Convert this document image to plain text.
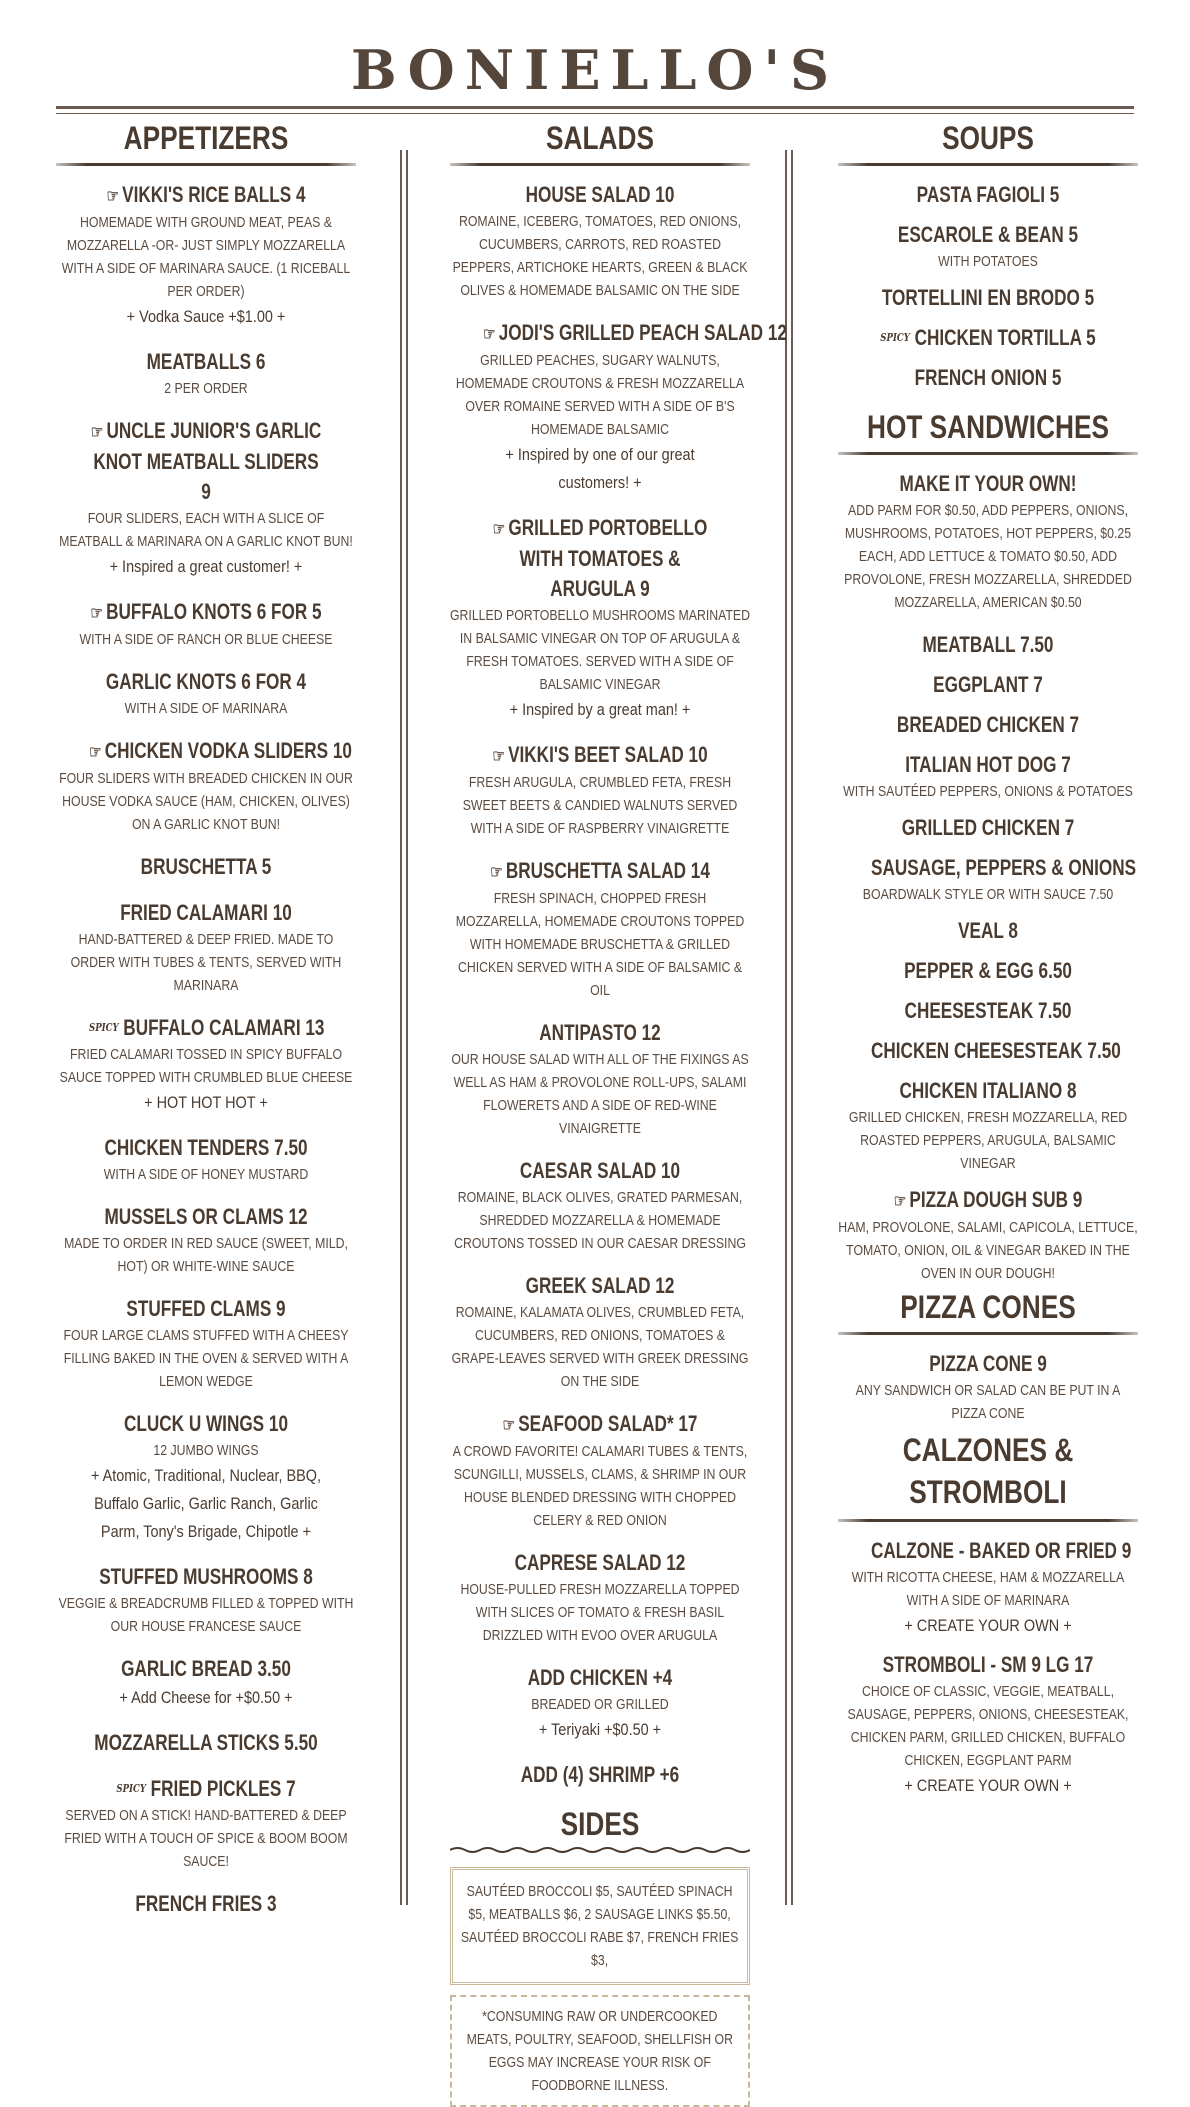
BONIELLO'S
APPETIZERS
☞ VIKKI'S RICE BALLS 4
HOMEMADE WITH GROUND MEAT, PEAS & MOZZARELLA -OR- JUST SIMPLY MOZZARELLA WITH A SIDE OF MARINARA SAUCE. (1 RICEBALL PER ORDER)
+ Vodka Sauce +$1.00 +
MEATBALLS 6
2 PER ORDER
☞ UNCLE JUNIOR'S GARLIC KNOT MEATBALL SLIDERS 9
FOUR SLIDERS, EACH WITH A SLICE OF MEATBALL & MARINARA ON A GARLIC KNOT BUN!
+ Inspired a great customer! +
☞ BUFFALO KNOTS 6 FOR 5
WITH A SIDE OF RANCH OR BLUE CHEESE
GARLIC KNOTS 6 FOR 4
WITH A SIDE OF MARINARA
☞ CHICKEN VODKA SLIDERS 10
FOUR SLIDERS WITH BREADED CHICKEN IN OUR HOUSE VODKA SAUCE (HAM, CHICKEN, OLIVES) ON A GARLIC KNOT BUN!
BRUSCHETTA 5
FRIED CALAMARI 10
HAND-BATTERED & DEEP FRIED. MADE TO ORDER WITH TUBES & TENTS, SERVED WITH MARINARA
SPICY BUFFALO CALAMARI 13
FRIED CALAMARI TOSSED IN SPICY BUFFALO SAUCE TOPPED WITH CRUMBLED BLUE CHEESE
+ HOT HOT HOT +
CHICKEN TENDERS 7.50
WITH A SIDE OF HONEY MUSTARD
MUSSELS OR CLAMS 12
MADE TO ORDER IN RED SAUCE (SWEET, MILD, HOT) OR WHITE-WINE SAUCE
STUFFED CLAMS 9
FOUR LARGE CLAMS STUFFED WITH A CHEESY FILLING BAKED IN THE OVEN & SERVED WITH A LEMON WEDGE
CLUCK U WINGS 10
12 JUMBO WINGS
+ Atomic, Traditional, Nuclear, BBQ, Buffalo Garlic, Garlic Ranch, Garlic Parm, Tony's Brigade, Chipotle +
STUFFED MUSHROOMS 8
VEGGIE & BREADCRUMB FILLED & TOPPED WITH OUR HOUSE FRANCESE SAUCE
GARLIC BREAD 3.50
+ Add Cheese for +$0.50 +
MOZZARELLA STICKS 5.50
SPICY FRIED PICKLES 7
SERVED ON A STICK! HAND-BATTERED & DEEP FRIED WITH A TOUCH OF SPICE & BOOM BOOM SAUCE!
FRENCH FRIES 3
SALADS
HOUSE SALAD 10
ROMAINE, ICEBERG, TOMATOES, RED ONIONS, CUCUMBERS, CARROTS, RED ROASTED PEPPERS, ARTICHOKE HEARTS, GREEN & BLACK OLIVES & HOMEMADE BALSAMIC ON THE SIDE
☞ JODI'S GRILLED PEACH SALAD 12
GRILLED PEACHES, SUGARY WALNUTS, HOMEMADE CROUTONS & FRESH MOZZARELLA OVER ROMAINE SERVED WITH A SIDE OF B'S HOMEMADE BALSAMIC
+ Inspired by one of our great customers! +
☞ GRILLED PORTOBELLO WITH TOMATOES & ARUGULA 9
GRILLED PORTOBELLO MUSHROOMS MARINATED IN BALSAMIC VINEGAR ON TOP OF ARUGULA & FRESH TOMATOES. SERVED WITH A SIDE OF BALSAMIC VINEGAR
+ Inspired by a great man! +
☞ VIKKI'S BEET SALAD 10
FRESH ARUGULA, CRUMBLED FETA, FRESH SWEET BEETS & CANDIED WALNUTS SERVED WITH A SIDE OF RASPBERRY VINAIGRETTE
☞ BRUSCHETTA SALAD 14
FRESH SPINACH, CHOPPED FRESH MOZZARELLA, HOMEMADE CROUTONS TOPPED WITH HOMEMADE BRUSCHETTA & GRILLED CHICKEN SERVED WITH A SIDE OF BALSAMIC & OIL
ANTIPASTO 12
OUR HOUSE SALAD WITH ALL OF THE FIXINGS AS WELL AS HAM & PROVOLONE ROLL-UPS, SALAMI FLOWERETS AND A SIDE OF RED-WINE VINAIGRETTE
CAESAR SALAD 10
ROMAINE, BLACK OLIVES, GRATED PARMESAN, SHREDDED MOZZARELLA & HOMEMADE CROUTONS TOSSED IN OUR CAESAR DRESSING
GREEK SALAD 12
ROMAINE, KALAMATA OLIVES, CRUMBLED FETA, CUCUMBERS, RED ONIONS, TOMATOES & GRAPE-LEAVES SERVED WITH GREEK DRESSING ON THE SIDE
☞ SEAFOOD SALAD* 17
A CROWD FAVORITE! CALAMARI TUBES & TENTS, SCUNGILLI, MUSSELS, CLAMS, & SHRIMP IN OUR HOUSE BLENDED DRESSING WITH CHOPPED CELERY & RED ONION
CAPRESE SALAD 12
HOUSE-PULLED FRESH MOZZARELLA TOPPED WITH SLICES OF TOMATO & FRESH BASIL DRIZZLED WITH EVOO OVER ARUGULA
ADD CHICKEN +4
BREADED OR GRILLED
+ Teriyaki +$0.50 +
ADD (4) SHRIMP +6
SIDES
SAUTÉED BROCCOLI $5, SAUTÉED SPINACH $5, MEATBALLS $6, 2 SAUSAGE LINKS $5.50, SAUTÉED BROCCOLI RABE $7, FRENCH FRIES $3,
*CONSUMING RAW OR UNDERCOOKED MEATS, POULTRY, SEAFOOD, SHELLFISH OR EGGS MAY INCREASE YOUR RISK OF FOODBORNE ILLNESS.
SOUPS
PASTA FAGIOLI 5
ESCAROLE & BEAN 5
WITH POTATOES
TORTELLINI EN BRODO 5
SPICY CHICKEN TORTILLA 5
FRENCH ONION 5
HOT SANDWICHES
MAKE IT YOUR OWN!
ADD PARM FOR $0.50, ADD PEPPERS, ONIONS, MUSHROOMS, POTATOES, HOT PEPPERS, $0.25 EACH, ADD LETTUCE & TOMATO $0.50, ADD PROVOLONE, FRESH MOZZARELLA, SHREDDED MOZZARELLA, AMERICAN $0.50
MEATBALL 7.50
EGGPLANT 7
BREADED CHICKEN 7
ITALIAN HOT DOG 7
WITH SAUTÉED PEPPERS, ONIONS & POTATOES
GRILLED CHICKEN 7
SAUSAGE, PEPPERS & ONIONS
BOARDWALK STYLE OR WITH SAUCE 7.50
VEAL 8
PEPPER & EGG 6.50
CHEESESTEAK 7.50
CHICKEN CHEESESTEAK 7.50
CHICKEN ITALIANO 8
GRILLED CHICKEN, FRESH MOZZARELLA, RED ROASTED PEPPERS, ARUGULA, BALSAMIC VINEGAR
☞ PIZZA DOUGH SUB 9
HAM, PROVOLONE, SALAMI, CAPICOLA, LETTUCE, TOMATO, ONION, OIL & VINEGAR BAKED IN THE OVEN IN OUR DOUGH!
PIZZA CONES
PIZZA CONE 9
ANY SANDWICH OR SALAD CAN BE PUT IN A PIZZA CONE
CALZONES & STROMBOLI
CALZONE - BAKED OR FRIED 9
WITH RICOTTA CHEESE, HAM & MOZZARELLA WITH A SIDE OF MARINARA
+ CREATE YOUR OWN +
STROMBOLI - SM 9 LG 17
CHOICE OF CLASSIC, VEGGIE, MEATBALL, SAUSAGE, PEPPERS, ONIONS, CHEESESTEAK, CHICKEN PARM, GRILLED CHICKEN, BUFFALO CHICKEN, EGGPLANT PARM
+ CREATE YOUR OWN +
